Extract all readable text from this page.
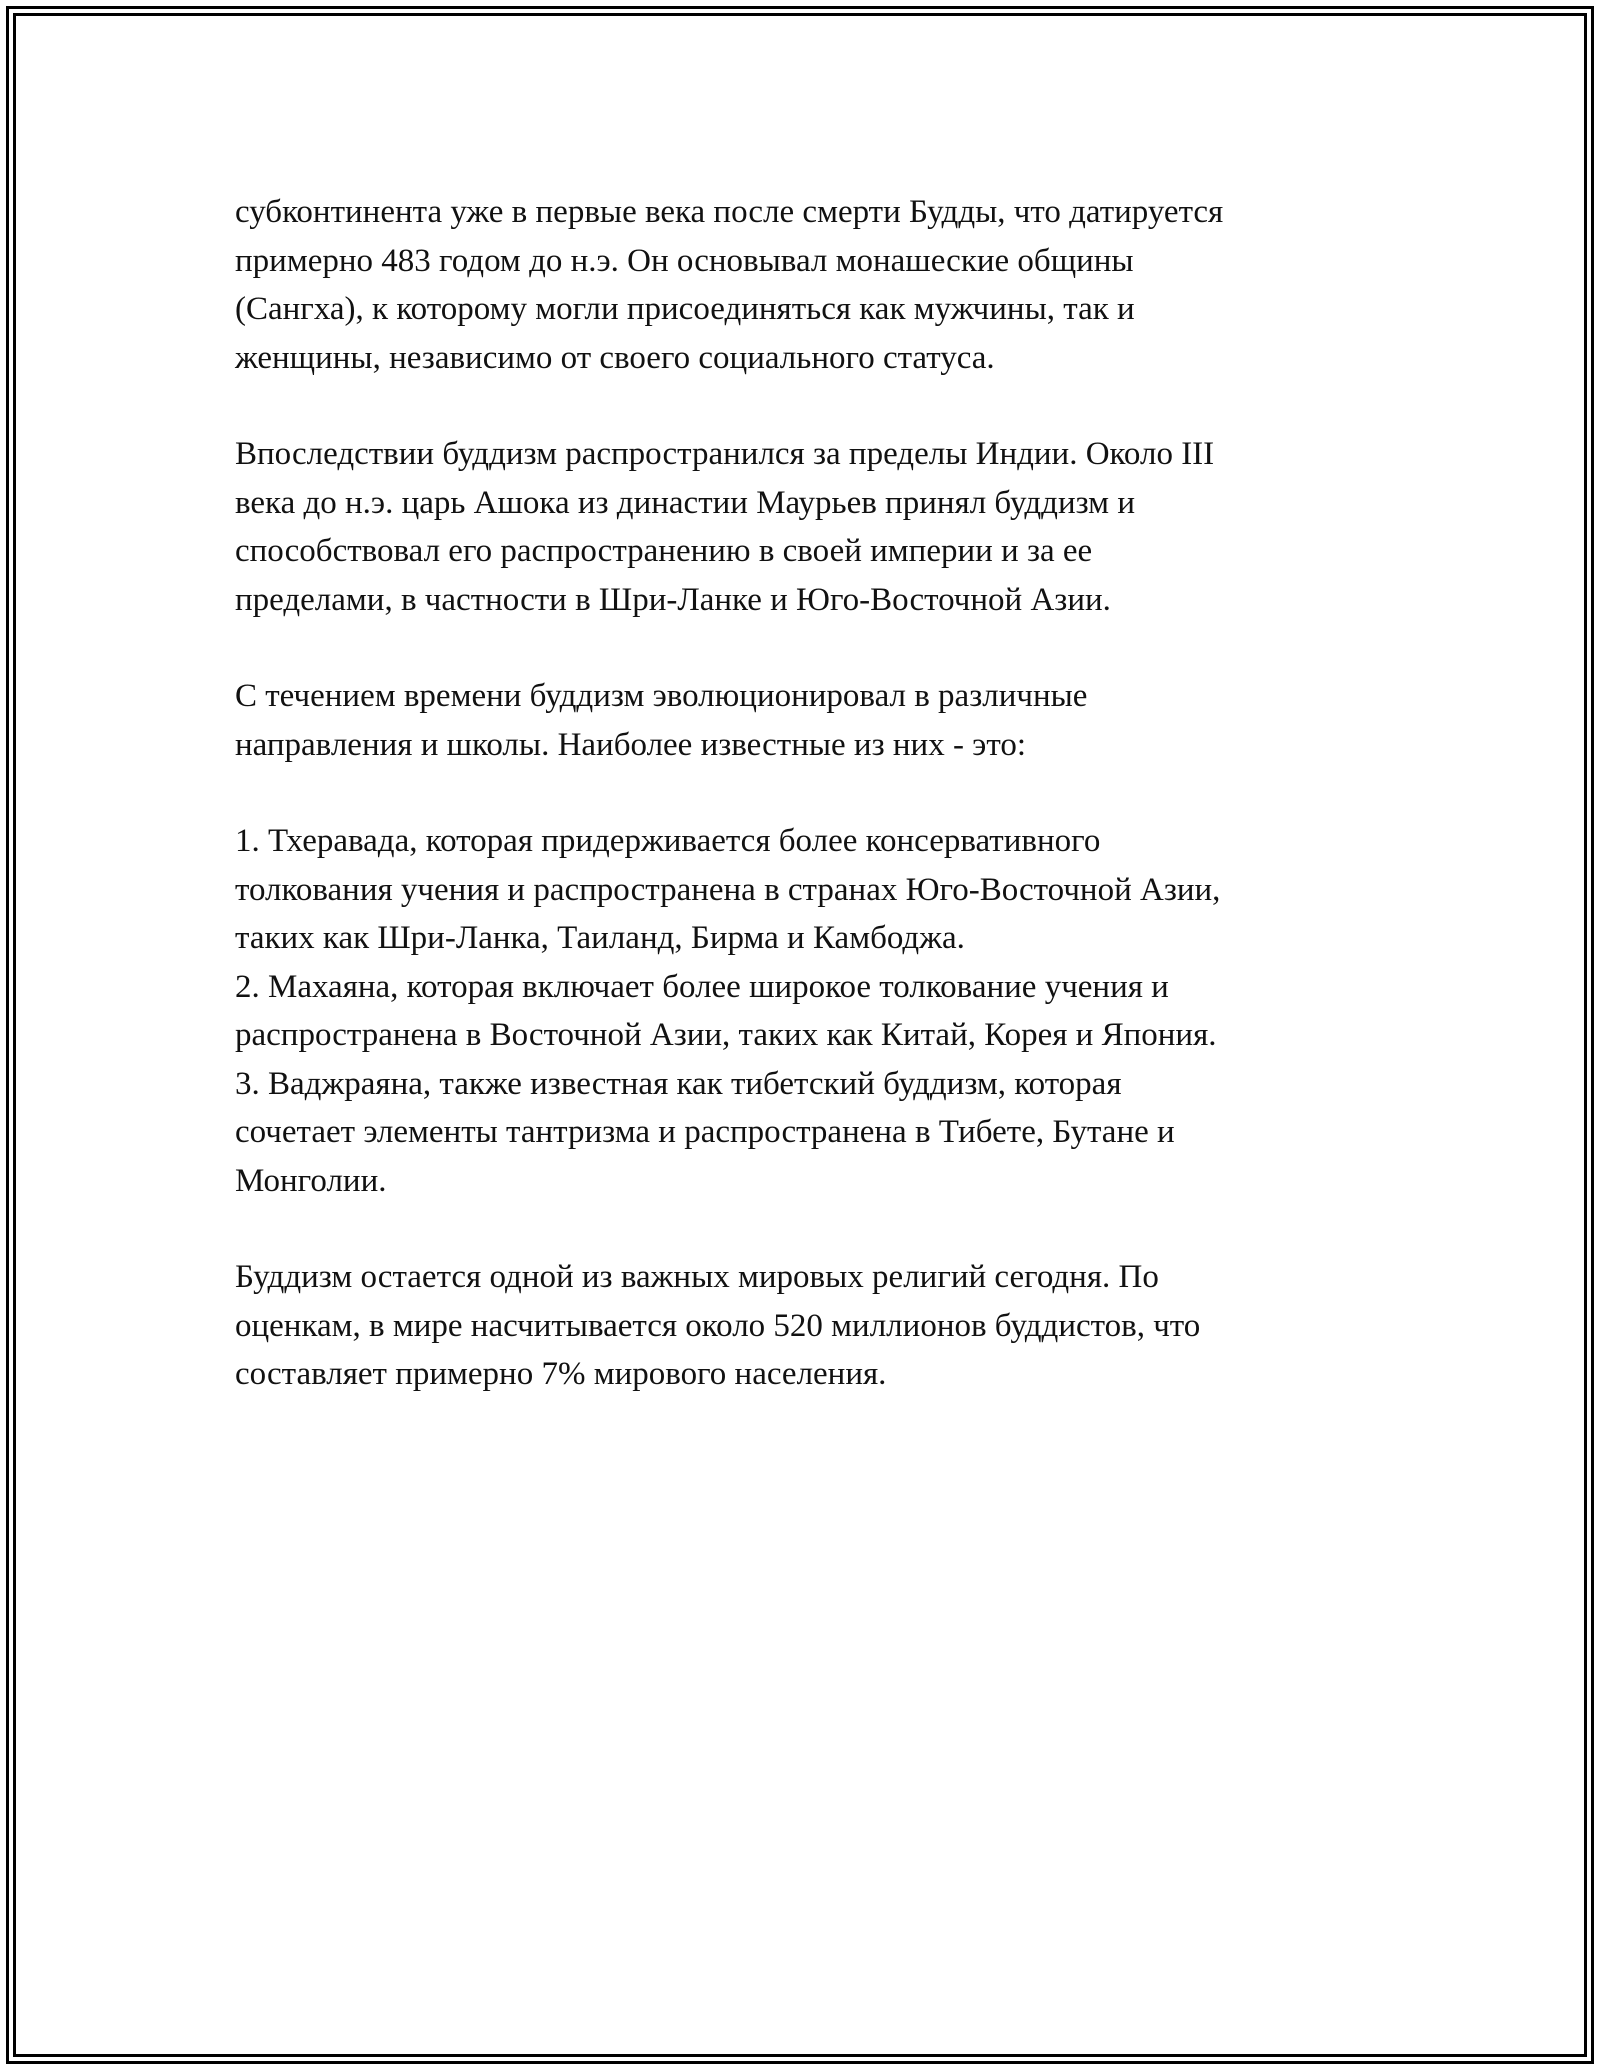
субконтинента уже в первые века после смерти Будды, что датируется
примерно 483 годом до н.э. Он основывал монашеские общины
(Сангха), к которому могли присоединяться как мужчины, так и
женщины, независимо от своего социального статуса.

Впоследствии буддизм распространился за пределы Индии. Около III
века до н.э. царь Ашока из династии Маурьев принял буддизм и
способствовал его распространению в своей империи и за ее
пределами, в частности в Шри-Ланке и Юго-Восточной Азии.

С течением времени буддизм эволюционировал в различные
направления и школы. Наиболее известные из них - это:

1. Тхеравада, которая придерживается более консервативного
толкования учения и распространена в странах Юго-Восточной Азии,
таких как Шри-Ланка, Таиланд, Бирма и Камбоджа.
2. Махаяна, которая включает более широкое толкование учения и
распространена в Восточной Азии, таких как Китай, Корея и Япония.
3. Ваджраяна, также известная как тибетский буддизм, которая
сочетает элементы тантризма и распространена в Тибете, Бутане и
Монголии.

Буддизм остается одной из важных мировых религий сегодня. По
оценкам, в мире насчитывается около 520 миллионов буддистов, что
составляет примерно 7% мирового населения.
